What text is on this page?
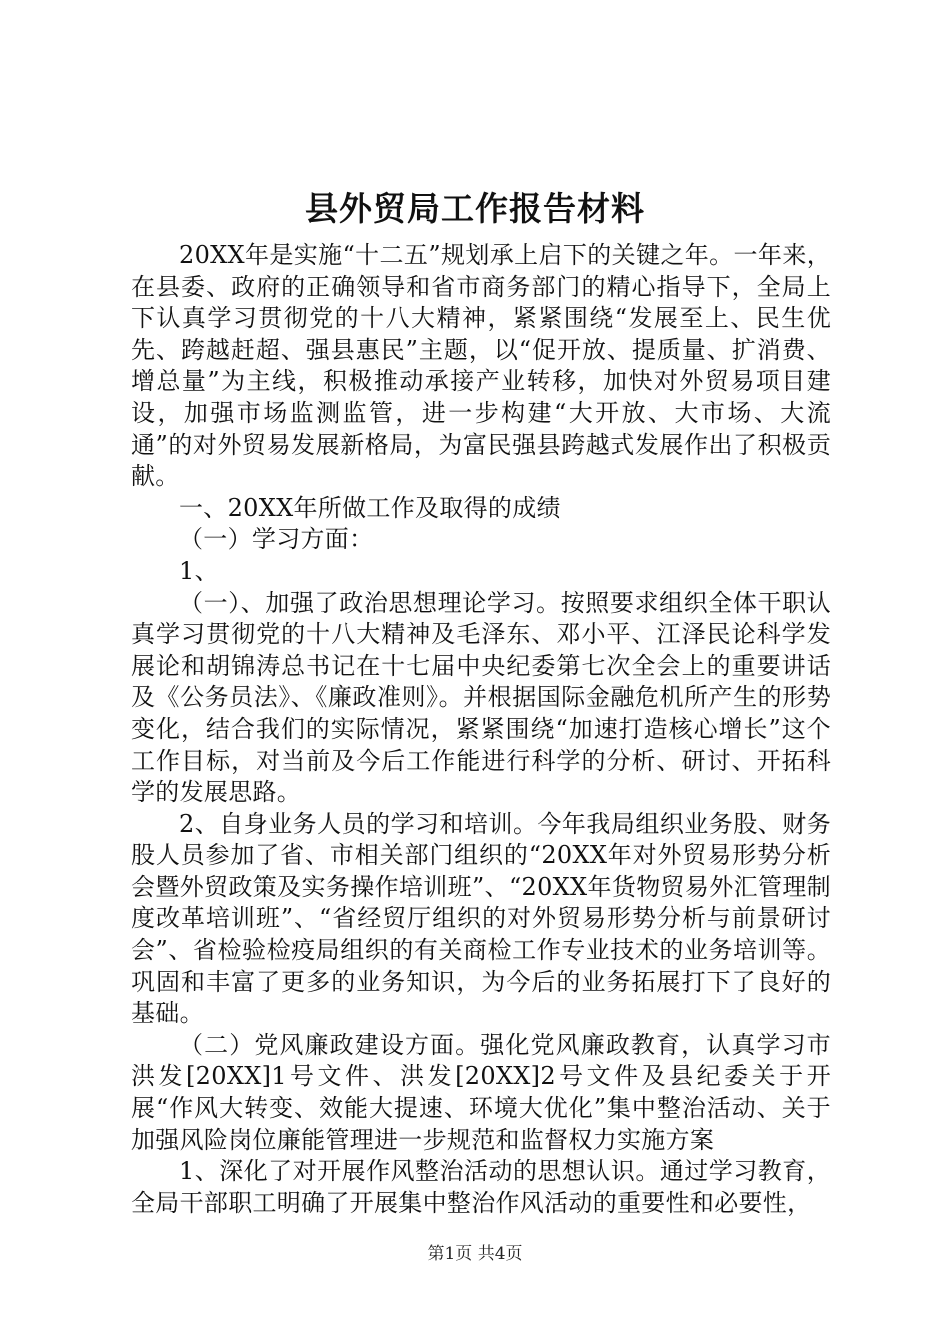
县外贸局工作报告材料

20XX年是实施“十二五”规划承上启下的关键之年。一年来，在县委、政府的正确领导和省市商务部门的精心指导下，全局上下认真学习贯彻党的十八大精神，紧紧围绕“发展至上、民生优先、跨越赶超、强县惠民”主题，以“促开放、提质量、扩消费、增总量”为主线，积极推动承接产业转移，加快对外贸易项目建设，加强市场监测监管，进一步构建“大开放、大市场、大流通”的对外贸易发展新格局，为富民强县跨越式发展作出了积极贡献。

一、20XX年所做工作及取得的成绩

（一）学习方面：

1、

（一）、加强了政治思想理论学习。按照要求组织全体干职认真学习贯彻党的十八大精神及毛泽东、邓小平、江泽民论科学发展论和胡锦涛总书记在十七届中央纪委第七次全会上的重要讲话及《公务员法》、《廉政准则》。并根据国际金融危机所产生的形势变化，结合我们的实际情况，紧紧围绕“加速打造核心增长”这个工作目标，对当前及今后工作能进行科学的分析、研讨、开拓科学的发展思路。

2、自身业务人员的学习和培训。今年我局组织业务股、财务股人员参加了省、市相关部门组织的“20XX年对外贸易形势分析会暨外贸政策及实务操作培训班”、“20XX年货物贸易外汇管理制度改革培训班”、“省经贸厅组织的对外贸易形势分析与前景研讨会”、省检验检疫局组织的有关商检工作专业技术的业务培训等。巩固和丰富了更多的业务知识，为今后的业务拓展打下了良好的基础。

（二）党风廉政建设方面。强化党风廉政教育，认真学习市洪发[20XX]1号文件、洪发[20XX]2号文件及县纪委关于开展“作风大转变、效能大提速、环境大优化”集中整治活动、关于加强风险岗位廉能管理进一步规范和监督权力实施方案

1、深化了对开展作风整治活动的思想认识。通过学习教育，全局干部职工明确了开展集中整治作风活动的重要性和必要性，

第1页 共4页
